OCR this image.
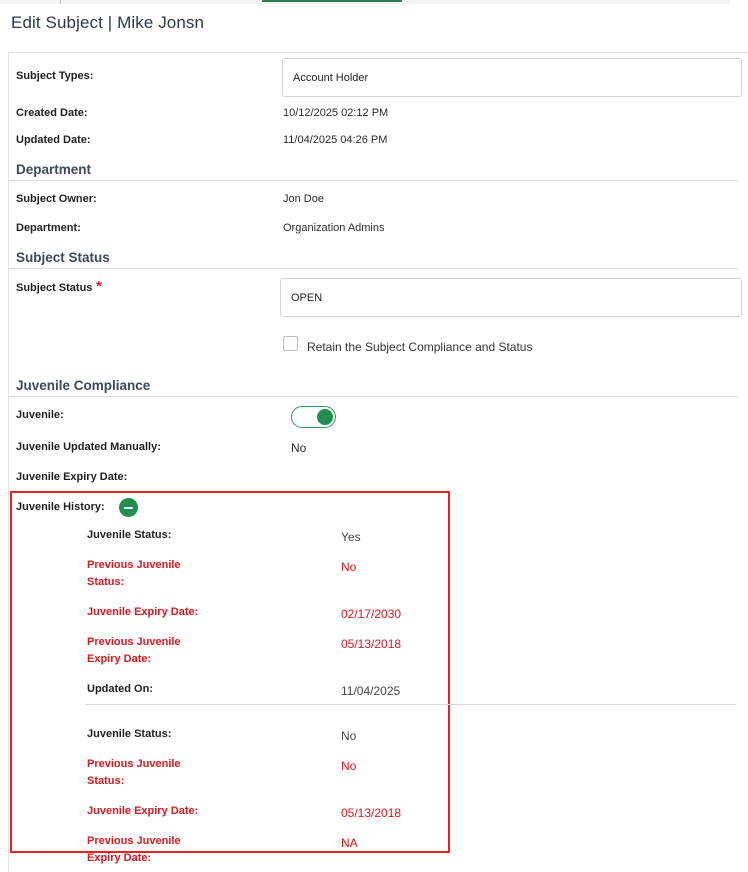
Edit Subject | Mike Jonsn
Subject Types:	Account Holder
Created Date:	10/12/2025 02:12 PM
Updated Date:	11/04/2025 04:26 PM
Department
Subject Owner:	Jon Doe
Department:	Organization Admins
Subject Status
Subject Status *
OPEN
Retain the Subject Compliance and Status
Juvenile Compliance
Juvenile:
Juvenile Updated Manually:	No
Juvenile Expiry Date:
Juvenile History:
Juvenile Status:	Yes
Previous Juvenile Status:
No
Juvenile Expiry Date:	02/17/2030
Previous Juvenile Expiry Date:
05/13/2018
Updated On:	11/04/2025
Juvenile Status:	No
Previous Juvenile Status:
No
Juvenile Expiry Date:	05/13/2018
Previous Juvenile Expiry Date:
NA
